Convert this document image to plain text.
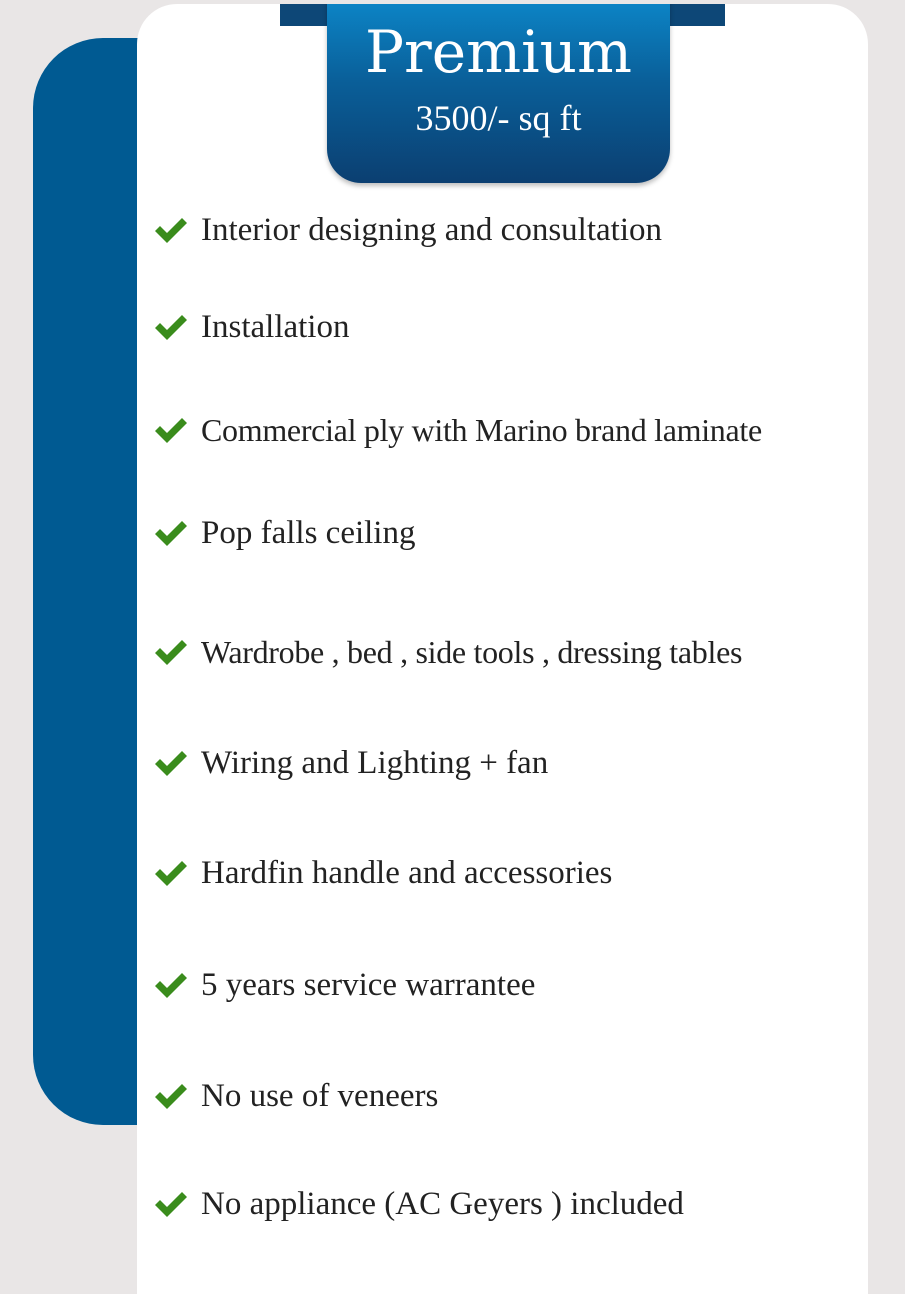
Premium
3500/- sq ft
Interior designing and consultation
Installation
Commercial ply with Marino brand laminate
Pop falls ceiling
Wardrobe , bed , side tools , dressing tables
Wiring and Lighting + fan
Hardfin handle and accessories
5 years service warrantee
No use of veneers
No appliance (AC Geyers ) included
